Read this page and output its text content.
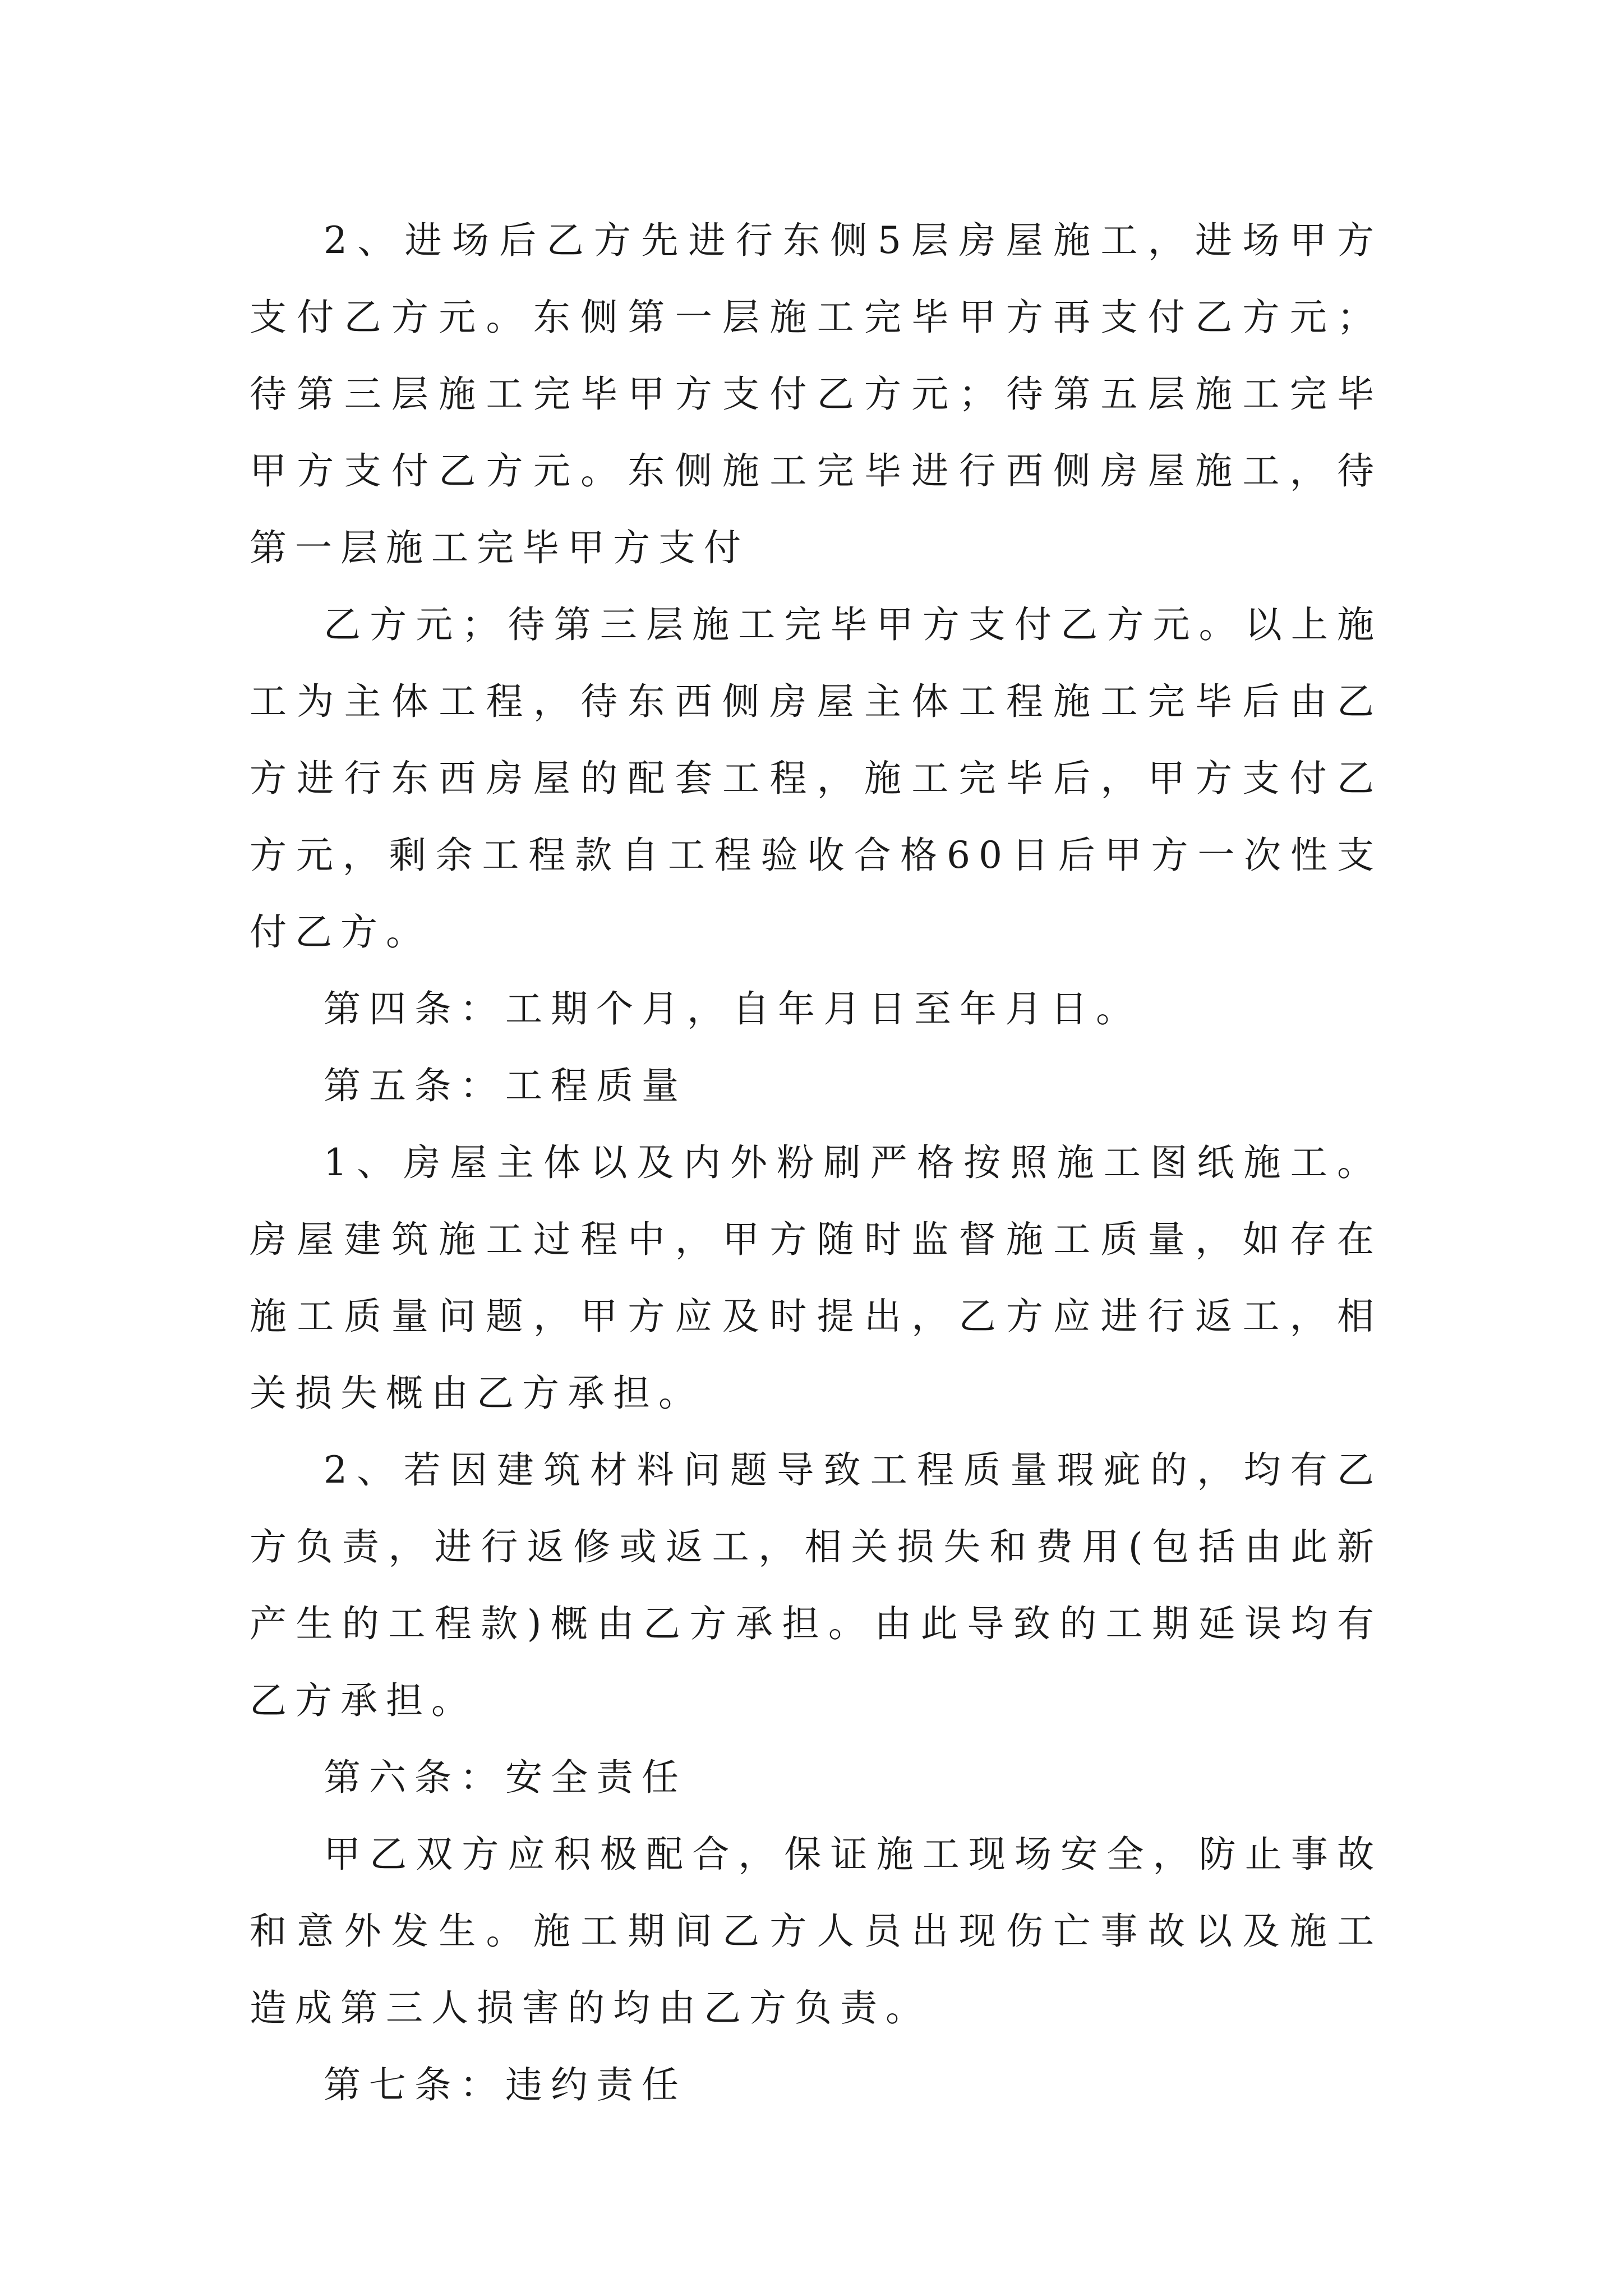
2、进场后乙方先进行东侧5层房屋施工，进场甲方支付乙方元。东侧第一层施工完毕甲方再支付乙方元；待第三层施工完毕甲方支付乙方元；待第五层施工完毕甲方支付乙方元。东侧施工完毕进行西侧房屋施工，待第一层施工完毕甲方支付

乙方元；待第三层施工完毕甲方支付乙方元。以上施工为主体工程，待东西侧房屋主体工程施工完毕后由乙方进行东西房屋的配套工程，施工完毕后，甲方支付乙方元，剩余工程款自工程验收合格60日后甲方一次性支付乙方。

第四条：工期个月，自年月日至年月日。

第五条：工程质量

1、房屋主体以及内外粉刷严格按照施工图纸施工。房屋建筑施工过程中，甲方随时监督施工质量，如存在施工质量问题，甲方应及时提出，乙方应进行返工，相关损失概由乙方承担。

2、若因建筑材料问题导致工程质量瑕疵的，均有乙方负责，进行返修或返工，相关损失和费用(包括由此新产生的工程款)概由乙方承担。由此导致的工期延误均有乙方承担。

第六条：安全责任

甲乙双方应积极配合，保证施工现场安全，防止事故和意外发生。施工期间乙方人员出现伤亡事故以及施工造成第三人损害的均由乙方负责。

第七条：违约责任
